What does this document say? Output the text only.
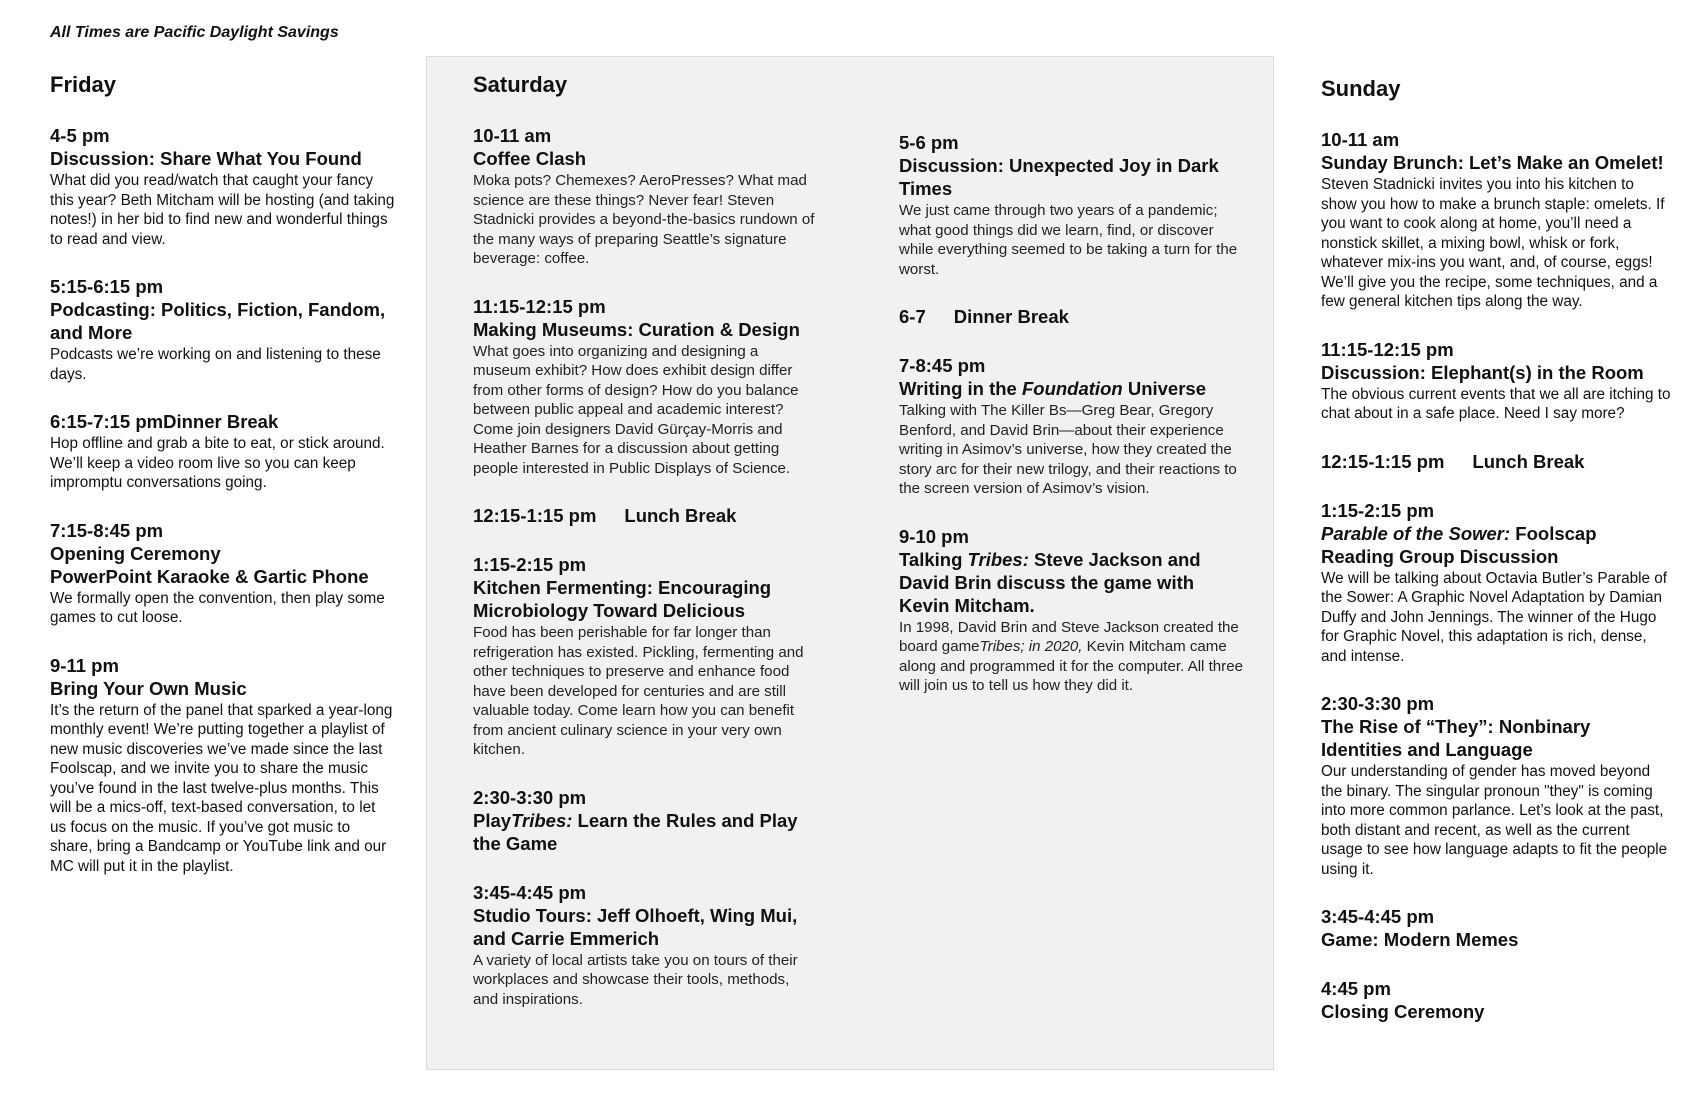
All Times are Pacific Daylight Savings
Friday
4-5 pm
Discussion: Share What You Found
What did you read/watch that caught your fancy this year? Beth Mitcham will be hosting (and taking notes!) in her bid to find new and wonderful things to read and view.
5:15-6:15 pm
Podcasting: Politics, Fiction, Fandom, and More
Podcasts we’re working on and listening to these days.
6:15-7:15 pmDinner Break
Hop offline and grab a bite to eat, or stick around. We’ll keep a video room live so you can keep impromptu conversations going.
7:15-8:45 pm
Opening Ceremony
PowerPoint Karaoke & Gartic Phone
We formally open the convention, then play some games to cut loose.
9-11 pm
Bring Your Own Music
It’s the return of the panel that sparked a year-long monthly event! We’re putting together a playlist of new music discoveries we’ve made since the last Foolscap, and we invite you to share the music you’ve found in the last twelve-plus months. This will be a mics-off, text-based conversation, to let us focus on the music. If you’ve got music to share, bring a Bandcamp or YouTube link and our MC will put it in the playlist.
Saturday
10-11 am
Coffee Clash
Moka pots? Chemexes? AeroPresses? What mad science are these things? Never fear! Steven Stadnicki provides a beyond-the-basics rundown of the many ways of preparing Seattle’s signature beverage: coffee.
11:15-12:15 pm
Making Museums: Curation & Design
What goes into organizing and designing a museum exhibit? How does exhibit design differ from other forms of design? How do you balance between public appeal and academic interest? Come join designers David Gürçay-Morris and Heather Barnes for a discussion about getting people interested in Public Displays of Science.
12:15-1:15 pm Lunch Break
1:15-2:15 pm
Kitchen Fermenting: Encouraging Microbiology Toward Delicious
Food has been perishable for far longer than refrigeration has existed. Pickling, fermenting and other techniques to preserve and enhance food have been developed for centuries and are still valuable today. Come learn how you can benefit from ancient culinary science in your very own kitchen.
2:30-3:30 pm
PlayTribes: Learn the Rules and Play the Game
3:45-4:45 pm
Studio Tours: Jeff Olhoeft, Wing Mui, and Carrie Emmerich
A variety of local artists take you on tours of their workplaces and showcase their tools, methods, and inspirations.
5-6 pm
Discussion: Unexpected Joy in Dark Times
We just came through two years of a pandemic; what good things did we learn, find, or discover while everything seemed to be taking a turn for the worst.
6-7 Dinner Break
7-8:45 pm
Writing in the Foundation Universe
Talking with The Killer Bs—Greg Bear, Gregory Benford, and David Brin—about their experience writing in Asimov’s universe, how they created the story arc for their new trilogy, and their reactions to the screen version of Asimov’s vision.
9-10 pm
Talking Tribes: Steve Jackson and David Brin discuss the game with Kevin Mitcham.
In 1998, David Brin and Steve Jackson created the board gameTribes; in 2020, Kevin Mitcham came along and programmed it for the computer. All three will join us to tell us how they did it.
Sunday
10-11 am
Sunday Brunch: Let’s Make an Omelet!
Steven Stadnicki invites you into his kitchen to show you how to make a brunch staple: omelets. If you want to cook along at home, you’ll need a nonstick skillet, a mixing bowl, whisk or fork, whatever mix-ins you want, and, of course, eggs! We’ll give you the recipe, some techniques, and a few general kitchen tips along the way.
11:15-12:15 pm
Discussion: Elephant(s) in the Room
The obvious current events that we all are itching to chat about in a safe place. Need I say more?
12:15-1:15 pm Lunch Break
1:15-2:15 pm
Parable of the Sower: Foolscap Reading Group Discussion
We will be talking about Octavia Butler’s Parable of the Sower: A Graphic Novel Adaptation by Damian Duffy and John Jennings. The winner of the Hugo for Graphic Novel, this adaptation is rich, dense, and intense.
2:30-3:30 pm
The Rise of “They”: Nonbinary Identities and Language
Our understanding of gender has moved beyond the binary. The singular pronoun "they" is coming into more common parlance. Let’s look at the past, both distant and recent, as well as the current usage to see how language adapts to fit the people using it.
3:45-4:45 pm
Game: Modern Memes
4:45 pm
Closing Ceremony
